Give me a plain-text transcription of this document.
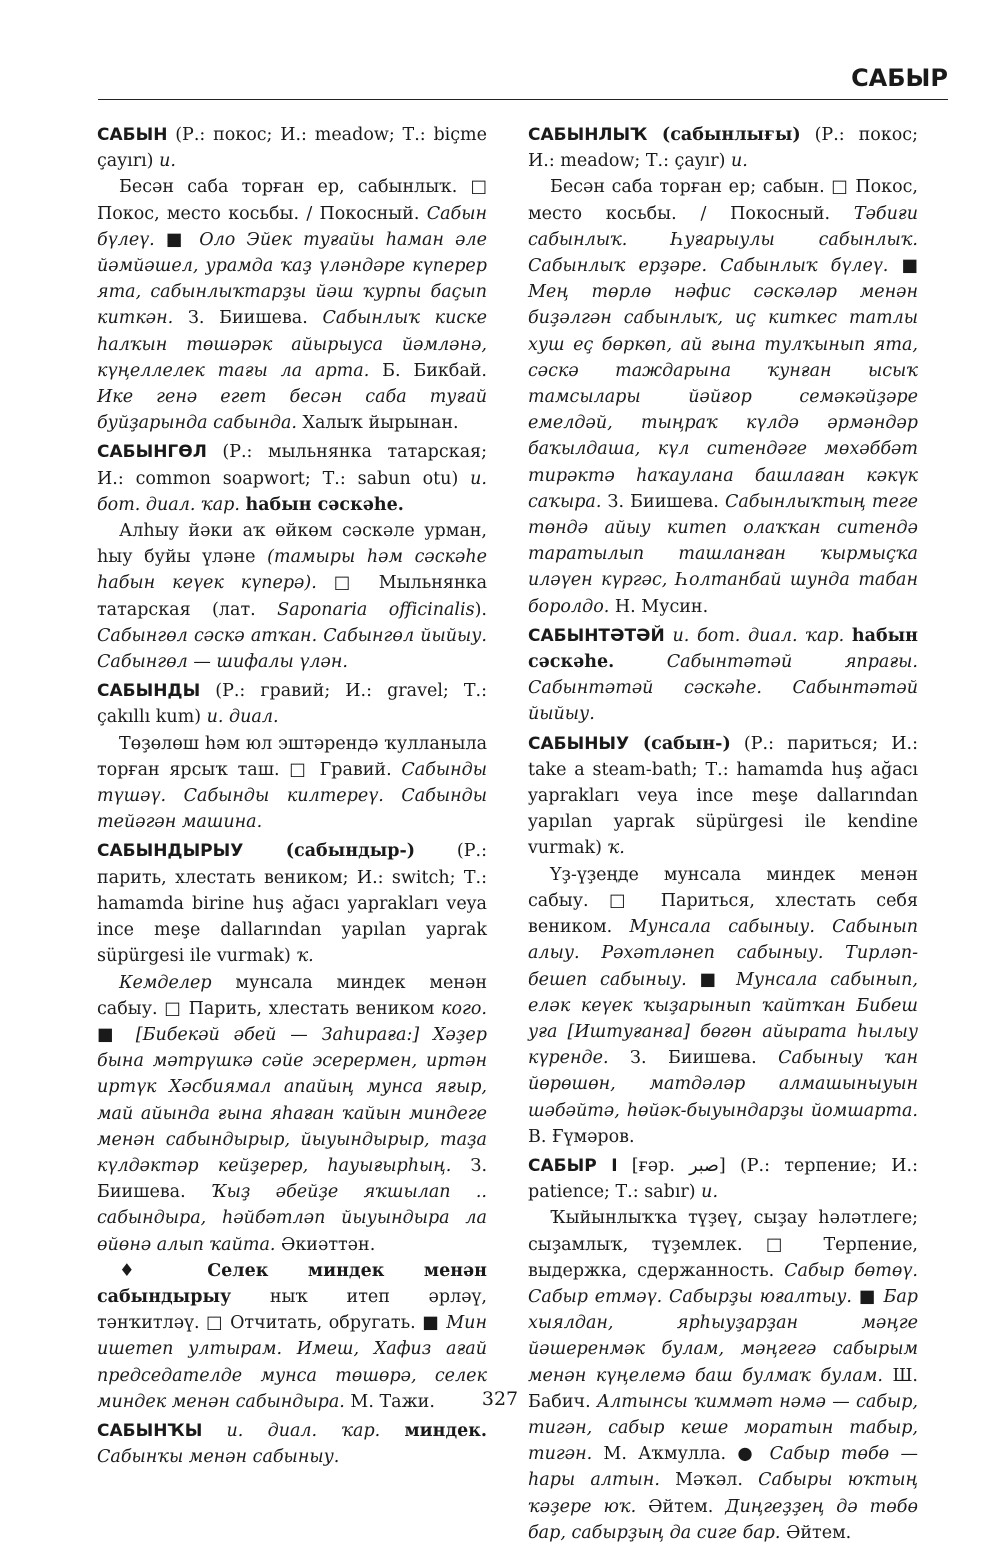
САБЫР

САБЫН (Р.: покос; И.: meadow; Т.: biçme çayırı) и.

Бесән саба торған ер, сабынлыҡ. □ Покос, место косьбы. / Покосный. Сабын бүлеү. ■ Оло Эйек туғайы һаман әле йәмйәшел, урамда ҡаҙ үләндәре күперер ята, сабынлыҡтарҙы йәш ҡурпы баҫып киткән. З. Биишева. Сабынлыҡ киске һалҡын төшәрәк айырыуса йәмләнә, күңеллелек тағы ла арта. Б. Бикбай. Ике генә егет бесән саба туғай буйҙарында сабында. Халыҡ йырынан.

САБЫНГӨЛ (Р.: мыльнянка татарская; И.: common soapwort; Т.: sabun otu) и. бот. диал. ҡар. һабын сәскәһе.

Алһыу йәки аҡ өйкөм сәскәле урман, һыу буйы үләне (тамыры һәм сәскәһе һабын кеүек күперә). □ Мыльнянка татарская (лат. Saponaria officinalis). Сабынгөл сәскә атҡан. Сабынгөл йыйыу. Сабынгөл — шифалы үлән.

САБЫНДЫ (Р.: гравий; И.: gravel; Т.: çakıllı kum) и. диал.

Төҙөлөш һәм юл эштәрендә ҡулланыла торған ярсыҡ таш. □ Гравий. Сабынды түшәү. Сабынды килтереү. Сабынды тейәгән машина.

САБЫНДЫРЫУ (сабындыр-) (Р.: парить, хлестать веником; И.: switch; Т.: hamamda birine huş ağacı yaprakları veya ince meşe dallarından yapılan yaprak süpürgesi ile vurmak) ҡ.

Кемделер мунсала миндек менән сабыу. □ Парить, хлестать веником кого. ■ [Бибекәй әбей — Заһираға:] Хәҙер бына мәтрүшкә сәйе эсерермен, иртән иртүк Хәсбиямал апайың мунса яғыр, май айында ғына яһаған ҡайын миндеге менән сабындырыр, йыуындырыр, таҙа күлдәктәр кейҙерер, һауығырһың. З. Биишева. Ҡыҙ әбейҙе яҡшылап .. сабындыра, һәйбәтләп йыуындыра ла өйөнә алып ҡайта. Әкиәттән.

♦ Селек миндек менән сабындырыу ныҡ итеп әрләү, тәнҡитләү. □ Отчитать, обругать. ■ Мин ишетеп ултырам. Имеш, Хафиз ағай председателде мунса төшөрә, селек миндек менән сабындыра. М. Тажи.

САБЫНҠЫ и. диал. ҡар. миндек. Сабынҡы менән сабыныу.

САБЫНЛЫҠ (сабынлығы) (Р.: покос; И.: meadow; Т.: çayır) и.

Бесән саба торған ер; сабын. □ Покос, место косьбы. / Покосный. Тәбиғи сабынлыҡ. Һуғарыулы сабынлыҡ. Сабынлыҡ ерҙәре. Сабынлыҡ бүлеү. ■ Мең төрлө нәфис сәскәләр менән биҙәлгән сабынлыҡ, иҫ киткес татлы хуш еҫ бөркөп, ай ғына тулҡынып ята, сәскә таждарына ҡунған ысыҡ тамсылары йәйғор семәкәйҙәре емелдәй, тыңраҡ күлдә әрмәндәр баҡылдаша, күл ситендәге мөхәббәт тирәктә һаҡаулана башлаған кәкүк саҡыра. З. Биишева. Сабынлыҡтың теге төндә айыу китеп олаҡҡан ситендә таратылып ташланған ҡырмыҫҡа иләүен күргәс, Һолтанбай шунда табан боролдо. Н. Мусин.

САБЫНТӘТӘЙ и. бот. диал. ҡар. һабын сәскәһе. Сабынтәтәй япрағы. Сабынтәтәй сәскәһе. Сабынтәтәй йыйыу.

САБЫНЫУ (сабын-) (Р.: париться; И.: take a steam-bath; Т.: hamamda huş ağacı yaprakları veya ince meşe dallarından yapılan yaprak süpürgesi ile kendine vurmak) ҡ.

Үҙ-үҙеңде мунсала миндек менән сабыу. □ Париться, хлестать себя веником. Мунсала сабыныу. Сабынып алыу. Рәхәтләнеп сабыныу. Тирләп-бешеп сабыныу. ■ Мунсала сабынып, еләк кеүек ҡыҙарынып ҡайтҡан Бибеш уға [Иштуғанға] бөгөн айырата һылыу күренде. З. Биишева. Сабыныу ҡан йөрөшөн, матдәләр алмашыныуын шәбәйтә, һөйәк-быуындарҙы йомшарта. В. Ғүмәров.

САБЫР I [ғәр. صبر] (Р.: терпение; И.: patience; Т.: sabır) и.

Ҡыйынлыҡҡа түҙеү, сыҙау һәләтлеге; сыҙамлыҡ, түҙемлек. □ Терпение, выдержка, сдержанность. Сабыр бөтөү. Сабыр етмәү. Сабырҙы юғалтыу. ■ Бар хыялдан, ярһыуҙарҙан мәңге йәшеренмәк булам, мәңгегә сабырым менән күңелемә баш булмаҡ булам. Ш. Бабич. Алтынсы ҡиммәт нәмә — сабыр, тигән, сабыр кеше моратын табыр, тигән. М. Аҡмулла. ● Сабыр төбө — һары алтын. Мәҡәл. Сабыры юҡтың ҡәҙере юҡ. Әйтем. Диңгеҙҙең дә төбө бар, сабырҙың да сиге бар. Әйтем.

327
